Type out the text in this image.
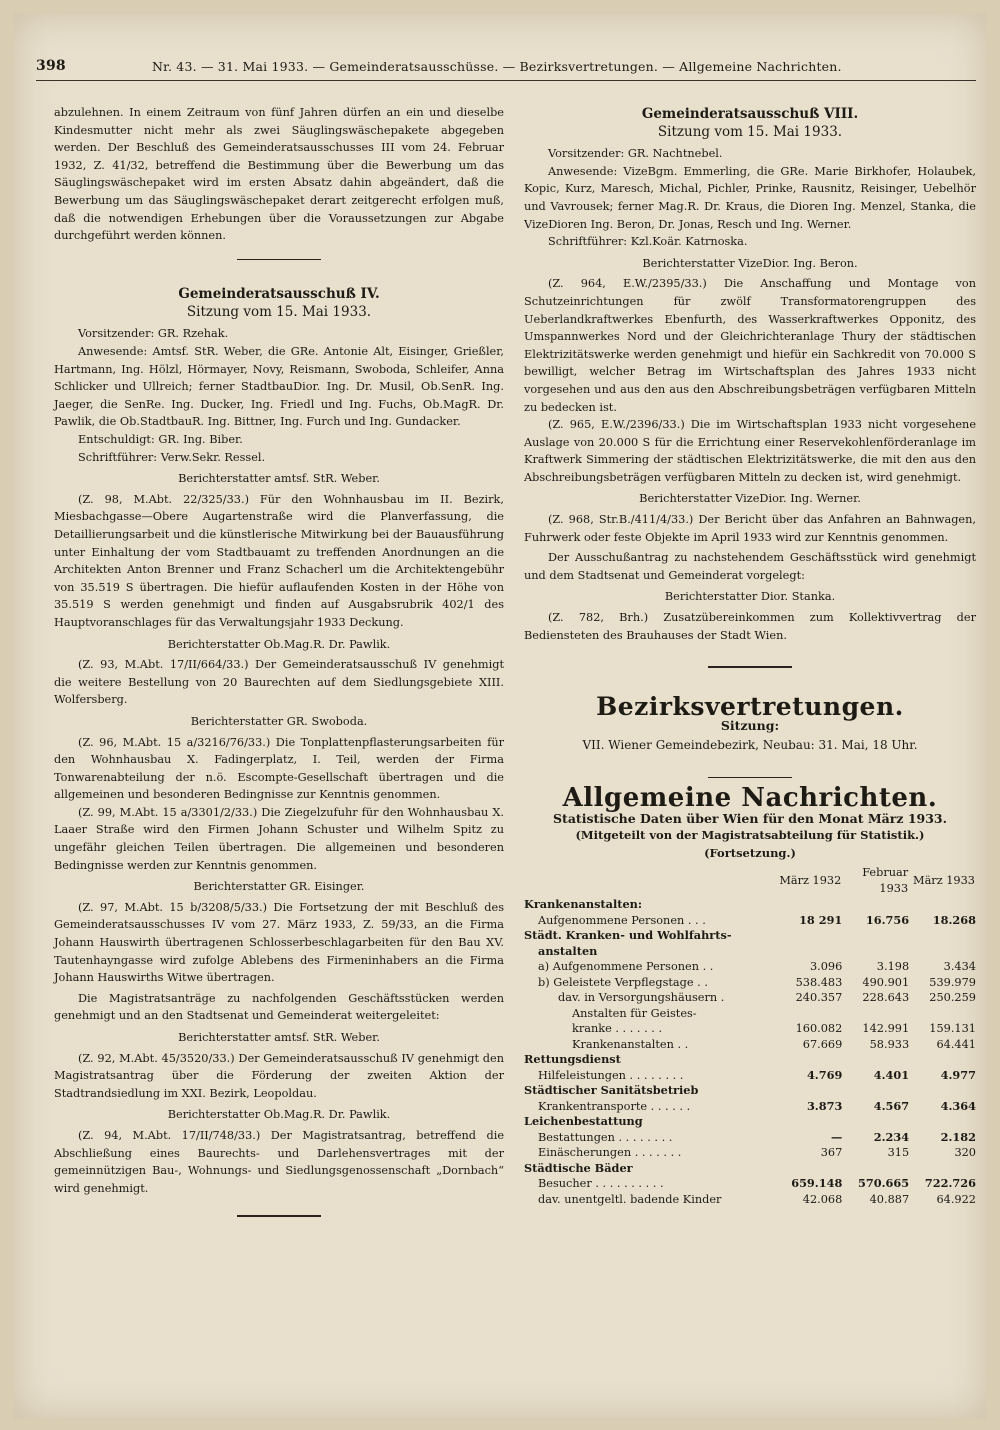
398	Nr. 43. — 31. Mai 1933. — Gemeinderatsausschüsse. — Bezirksvertretungen. — Allgemeine Nachrichten.

abzulehnen. In einem Zeitraum von fünf Jahren dürfen an ein und dieselbe Kindesmutter nicht mehr als zwei Säuglingswäschepakete abgegeben werden. Der Beschluß des Gemeinderatsausschusses III vom 24. Februar 1932, Z. 41/32, betreffend die Bestimmung über die Bewerbung um das Säuglingswäschepaket wird im ersten Absatz dahin abgeändert, daß die Bewerbung um das Säuglingswäschepaket derart zeitgerecht erfolgen muß, daß die notwendigen Erhebungen über die Voraussetzungen zur Abgabe durchgeführt werden können.

Gemeinderatsausschuß IV.
Sitzung vom 15. Mai 1933.

Vorsitzender: GR. Rzehak.

Anwesende: Amtsf. StR. Weber, die GRe. Antonie Alt, Eisinger, Grießler, Hartmann, Ing. Hölzl, Hörmayer, Novy, Reismann, Swoboda, Schleifer, Anna Schlicker und Ullreich; ferner StadtbauDior. Ing. Dr. Musil, Ob.SenR. Ing. Jaeger, die SenRe. Ing. Ducker, Ing. Friedl und Ing. Fuchs, Ob.MagR. Dr. Pawlik, die Ob.StadtbauR. Ing. Bittner, Ing. Furch und Ing. Gundacker.

Entschuldigt: GR. Ing. Biber.

Schriftführer: Verw.Sekr. Ressel.

Berichterstatter amtsf. StR. Weber.

(Z. 98, M.Abt. 22/325/33.) Für den Wohnhausbau im II. Bezirk, Miesbachgasse—Obere Augartenstraße wird die Planverfassung, die Detaillierungsarbeit und die künstlerische Mitwirkung bei der Bauausführung unter Einhaltung der vom Stadtbauamt zu treffenden Anordnungen an die Architekten Anton Brenner und Franz Schacherl um die Architektengebühr von 35.519 S übertragen. Die hiefür auflaufenden Kosten in der Höhe von 35.519 S werden genehmigt und finden auf Ausgabsrubrik 402/1 des Hauptvoranschlages für das Verwaltungsjahr 1933 Deckung.

Berichterstatter Ob.Mag.R. Dr. Pawlik.

(Z. 93, M.Abt. 17/II/664/33.) Der Gemeinderatsausschuß IV genehmigt die weitere Bestellung von 20 Baurechten auf dem Siedlungsgebiete XIII. Wolfersberg.

Berichterstatter GR. Swoboda.

(Z. 96, M.Abt. 15 a/3216/76/33.) Die Tonplattenpflasterungsarbeiten für den Wohnhausbau X. Fadingerplatz, I. Teil, werden der Firma Tonwarenabteilung der n.ö. Escompte-Gesellschaft übertragen und die allgemeinen und besonderen Bedingnisse zur Kenntnis genommen.

(Z. 99, M.Abt. 15 a/3301/2/33.) Die Ziegelzufuhr für den Wohnhausbau X. Laaer Straße wird den Firmen Johann Schuster und Wilhelm Spitz zu ungefähr gleichen Teilen übertragen. Die allgemeinen und besonderen Bedingnisse werden zur Kenntnis genommen.

Berichterstatter GR. Eisinger.

(Z. 97, M.Abt. 15 b/3208/5/33.) Die Fortsetzung der mit Beschluß des Gemeinderatsausschusses IV vom 27. März 1933, Z. 59/33, an die Firma Johann Hauswirth übertragenen Schlosserbeschlagarbeiten für den Bau XV. Tautenhayngasse wird zufolge Ablebens des Firmeninhabers an die Firma Johann Hauswirths Witwe übertragen.

Die Magistratsanträge zu nachfolgenden Geschäftsstücken werden genehmigt und an den Stadtsenat und Gemeinderat weitergeleitet:

Berichterstatter amtsf. StR. Weber.

(Z. 92, M.Abt. 45/3520/33.) Der Gemeinderatsausschuß IV genehmigt den Magistratsantrag über die Förderung der zweiten Aktion der Stadtrandsiedlung im XXI. Bezirk, Leopoldau.

Berichterstatter Ob.Mag.R. Dr. Pawlik.

(Z. 94, M.Abt. 17/II/748/33.) Der Magistratsantrag, betreffend die Abschließung eines Baurechts- und Darlehensvertrages mit der gemeinnützigen Bau-, Wohnungs- und Siedlungsgenossenschaft „Dornbach“ wird genehmigt.

Gemeinderatsausschuß VIII.
Sitzung vom 15. Mai 1933.

Vorsitzender: GR. Nachtnebel.

Anwesende: VizeBgm. Emmerling, die GRe. Marie Birkhofer, Holaubek, Kopic, Kurz, Maresch, Michal, Pichler, Prinke, Rausnitz, Reisinger, Uebelhör und Vavrousek; ferner Mag.R. Dr. Kraus, die Dioren Ing. Menzel, Stanka, die VizeDioren Ing. Beron, Dr. Jonas, Resch und Ing. Werner.

Schriftführer: Kzl.Koär. Katrnoska.

Berichterstatter VizeDior. Ing. Beron.

(Z. 964, E.W./2395/33.) Die Anschaffung und Montage von Schutzeinrichtungen für zwölf Transformatorengruppen des Ueberlandkraftwerkes Ebenfurth, des Wasserkraftwerkes Opponitz, des Umspannwerkes Nord und der Gleichrichteranlage Thury der städtischen Elektrizitätswerke werden genehmigt und hiefür ein Sachkredit von 70.000 S bewilligt, welcher Betrag im Wirtschaftsplan des Jahres 1933 nicht vorgesehen und aus den aus den Abschreibungsbeträgen verfügbaren Mitteln zu bedecken ist.

(Z. 965, E.W./2396/33.) Die im Wirtschaftsplan 1933 nicht vorgesehene Auslage von 20.000 S für die Errichtung einer Reservekohlenförderanlage im Kraftwerk Simmering der städtischen Elektrizitätswerke, die mit den aus den Abschreibungsbeträgen verfügbaren Mitteln zu decken ist, wird genehmigt.

Berichterstatter VizeDior. Ing. Werner.

(Z. 968, Str.B./411/4/33.) Der Bericht über das Anfahren an Bahnwagen, Fuhrwerk oder feste Objekte im April 1933 wird zur Kenntnis genommen.

Der Ausschußantrag zu nachstehendem Geschäftsstück wird genehmigt und dem Stadtsenat und Gemeinderat vorgelegt:

Berichterstatter Dior. Stanka.

(Z. 782, Brh.) Zusatzübereinkommen zum Kollektivvertrag der Bediensteten des Brauhauses der Stadt Wien.

Bezirksvertretungen.
Sitzung:
VII. Wiener Gemeindebezirk, Neubau: 31. Mai, 18 Uhr.
Allgemeine Nachrichten.
Statistische Daten über Wien für den Monat März 1933.
(Mitgeteilt von der Magistratsabteilung für Statistik.)
(Fortsetzung.)
	März 1932	Februar 1933	März 1933
Krankenanstalten:			
Aufgenommene Personen . . .	18 291	16.756	18.268
Städt. Kranken- und Wohlfahrts-			
anstalten			
a) Aufgenommene Personen . .	3.096	3.198	3.434
b) Geleistete Verpflegstage . .	538.483	490.901	539.979
dav. in Versorgungshäusern .	240.357	228.643	250.259
Anstalten für Geistes-			
kranke . . . . . . .	160.082	142.991	159.131
Krankenanstalten . .	67.669	58.933	64.441
Rettungsdienst			
Hilfeleistungen . . . . . . . .	4.769	4.401	4.977
Städtischer Sanitätsbetrieb			
Krankentransporte . . . . . .	3.873	4.567	4.364
Leichenbestattung			
Bestattungen . . . . . . . .	—	2.234	2.182
Einäscherungen . . . . . . .	367	315	320
Städtische Bäder			
Besucher . . . . . . . . . .	659.148	570.665	722.726
dav. unentgeltl. badende Kinder	42.068	40.887	64.922
